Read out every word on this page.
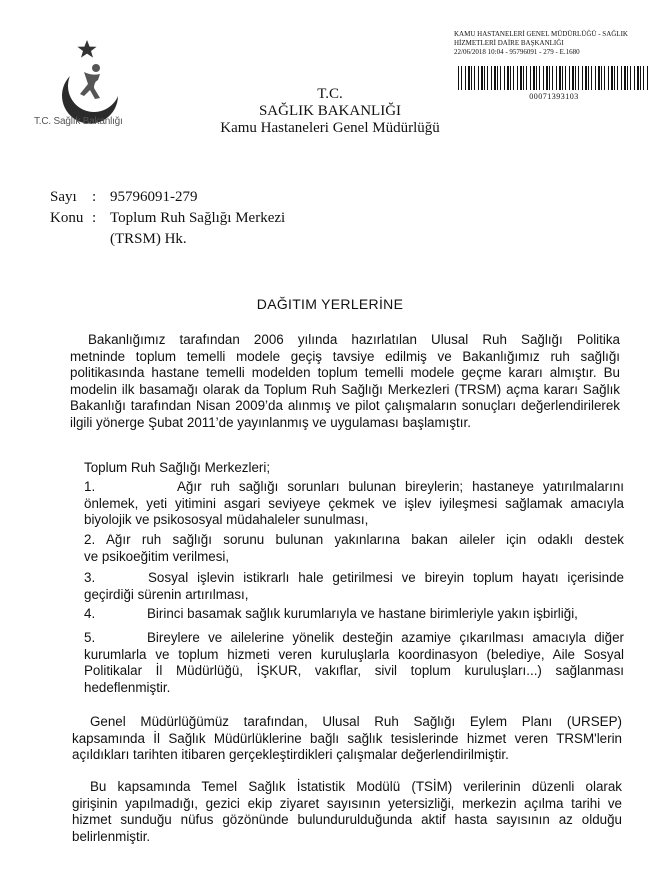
T.C. Sağlık Bakanlığı
KAMU HASTANELERİ GENEL MÜDÜRLÜĞÜ - SAĞLIK
HİZMETLERİ DAİRE BAŞKANLIĞI
22/06/2018 10:04 - 95796091 - 279 - E.1680
00071393103
T.C.
SAĞLIK BAKANLIĞI
Kamu Hastaneleri Genel Müdürlüğü
Sayı : 95796091-279
Konu : Toplum Ruh Sağlığı Merkezi
(TRSM) Hk.
DAĞITIM YERLERİNE
Bakanlığımız tarafından 2006 yılında hazırlatılan Ulusal Ruh Sağlığı Politika
metninde toplum temelli modele geçiş tavsiye edilmiş ve Bakanlığımız ruh sağlığı
politikasında hastane temelli modelden toplum temelli modele geçme kararı almıştır. Bu
modelin ilk basamağı olarak da Toplum Ruh Sağlığı Merkezleri (TRSM) açma kararı Sağlık
Bakanlığı tarafından Nisan 2009’da alınmış ve pilot çalışmaların sonuçları değerlendirilerek
ilgili yönerge Şubat 2011’de yayınlanmış ve uygulaması başlamıştır.
Toplum Ruh Sağlığı Merkezleri;
1.	Ağır ruh sağlığı sorunları bulunan bireylerin; hastaneye yatırılmalarını
önlemek, yeti yitimini asgari seviyeye çekmek ve işlev iyileşmesi sağlamak amacıyla
biyolojik ve psikososyal müdahaleler sunulması,
2. Ağır ruh sağlığı sorunu bulunan yakınlarına bakan aileler için odaklı destek
ve psikoeğitim verilmesi,
3.	Sosyal işlevin istikrarlı hale getirilmesi ve bireyin toplum hayatı içerisinde
geçirdiği sürenin artırılması,
4.	Birinci basamak sağlık kurumlarıyla ve hastane birimleriyle yakın işbirliği,
5.	Bireylere ve ailelerine yönelik desteğin azamiye çıkarılması amacıyla diğer
kurumlarla ve toplum hizmeti veren kuruluşlarla koordinasyon (belediye, Aile Sosyal
Politikalar İl Müdürlüğü, İŞKUR, vakıflar, sivil toplum kuruluşları...) sağlanması
hedeflenmiştir.
Genel Müdürlüğümüz tarafından, Ulusal Ruh Sağlığı Eylem Planı (URSEP)
kapsamında İl Sağlık Müdürlüklerine bağlı sağlık tesislerinde hizmet veren TRSM'lerin
açıldıkları tarihten itibaren gerçekleştirdikleri çalışmalar değerlendirilmiştir.
Bu kapsamında Temel Sağlık İstatistik Modülü (TSİM) verilerinin düzenli olarak
girişinin yapılmadığı, gezici ekip ziyaret sayısının yetersizliği, merkezin açılma tarihi ve
hizmet sunduğu nüfus gözönünde bulundurulduğunda aktif hasta sayısının az olduğu
belirlenmiştir.
